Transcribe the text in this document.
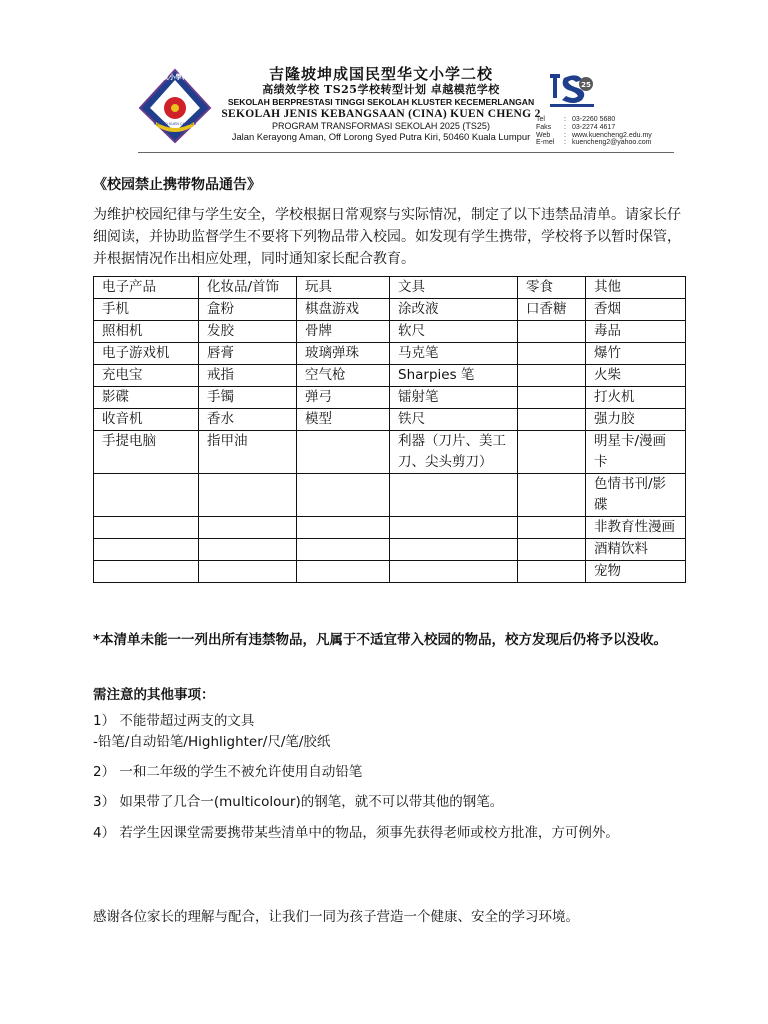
坤成小學(二)
S.J.K.(C) KUEN CHENG 2
吉隆坡坤成国民型华文小学二校
高绩效学校 TS25学校转型计划 卓越模范学校
SEKOLAH BERPRESTASI TINGGI SEKOLAH KLUSTER KECEMERLANGAN
SEKOLAH JENIS KEBANGSAAN (CINA) KUEN CHENG 2
PROGRAM TRANSFORMASI SEKOLAH 2025 (TS25)
Jalan Kerayong Aman, Off Lorong Syed Putra Kiri, 50460 Kuala Lumpur
25
Tel	: 03-2260 5680
Faks	: 03-2274 4617
Web	: www.kuencheng2.edu.my
E-mel	: kuencheng2@yahoo.com
《校园禁止携带物品通告》
为维护校园纪律与学生安全，学校根据日常观察与实际情况，制定了以下违禁品清单。请家长仔细阅读，并协助监督学生不要将下列物品带入校园。如发现有学生携带，学校将予以暂时保管，并根据情况作出相应处理，同时通知家长配合教育。
电子产品	化妆品/首饰	玩具	文具	零食	其他
手机	盒粉	棋盘游戏	涂改液	口香糖	香烟
照相机	发胶	骨牌	软尺		毒品
电子游戏机	唇膏	玻璃弹珠	马克笔		爆竹
充电宝	戒指	空气枪	Sharpies 笔		火柴
影碟	手镯	弹弓	镭射笔		打火机
收音机	香水	模型	铁尺		强力胶
手提电脑	指甲油		利器（刀片、美工刀、尖头剪刀）		明星卡/漫画卡
					色情书刊/影碟
					非教育性漫画
					酒精饮料
					宠物
*本清单未能一一列出所有违禁物品，凡属于不适宜带入校园的物品，校方发现后仍将予以没收。
需注意的其他事项：
1） 不能带超过两支的文具
-铅笔/自动铅笔/Highlighter/尺/笔/胶纸
2） 一和二年级的学生不被允许使用自动铅笔
3） 如果带了几合一(multicolour)的钢笔，就不可以带其他的钢笔。
4） 若学生因课堂需要携带某些清单中的物品，须事先获得老师或校方批准，方可例外。
感谢各位家长的理解与配合，让我们一同为孩子营造一个健康、安全的学习环境。
